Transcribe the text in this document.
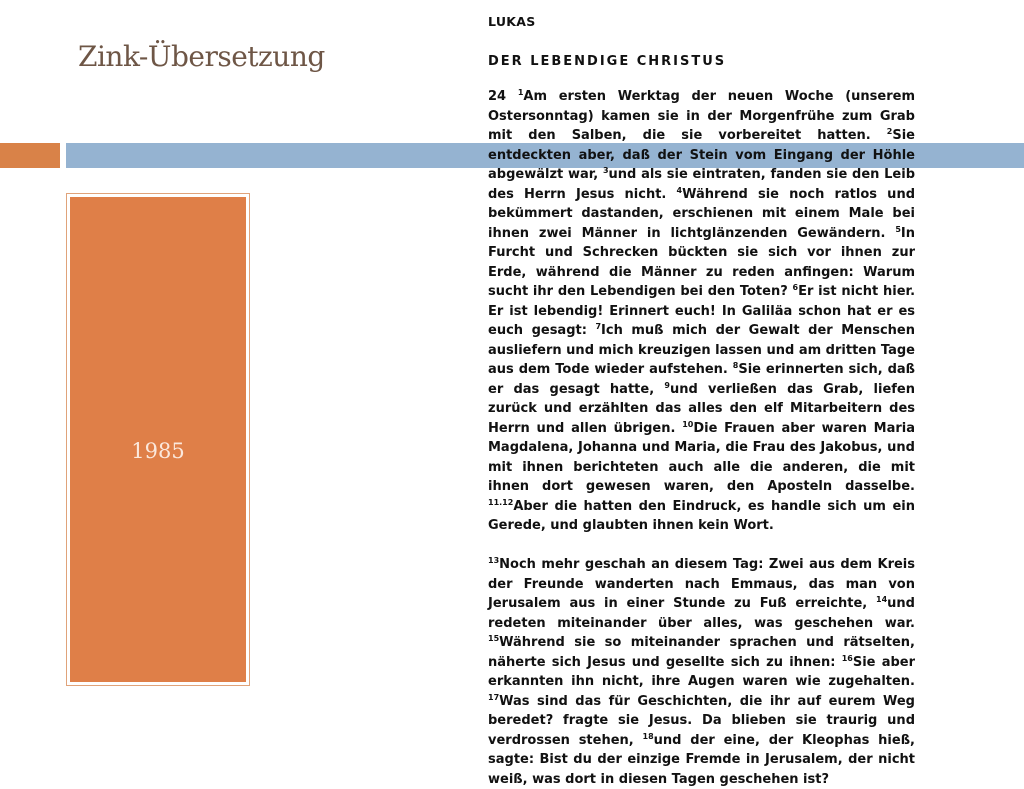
Zink-Übersetzung
1985
LUKAS
DER LEBENDIGE CHRISTUS

24 $^1$Am ersten Werktag der neuen Woche (unserem Ostersonntag) kamen sie in der Morgenfrühe zum Grab mit den Salben, die sie vorbereitet hatten. $^2$Sie entdeckten aber, daß der Stein vom Eingang der Höhle abgewälzt war, $^3$und als sie eintraten, fanden sie den Leib des Herrn Jesus nicht. $^4$Während sie noch ratlos und bekümmert dastanden, erschienen mit einem Male bei ihnen zwei Männer in lichtglänzenden Gewändern. $^5$In Furcht und Schrecken bückten sie sich vor ihnen zur Erde, während die Männer zu reden anfingen: Warum sucht ihr den Lebendigen bei den Toten? $^6$Er ist nicht hier. Er ist lebendig! Erinnert euch! In Galiläa schon hat er es euch gesagt: $^7$Ich muß mich der Gewalt der Menschen ausliefern und mich kreuzigen lassen und am dritten Tage aus dem Tode wieder aufstehen. $^8$Sie erinnerten sich, daß er das gesagt hatte, $^9$und verließen das Grab, liefen zurück und erzählten das alles den elf Mitarbeitern des Herrn und allen übrigen. $^{10}$Die Frauen aber waren Maria Magdalena, Johanna und Maria, die Frau des Jakobus, und mit ihnen berichteten auch alle die anderen, die mit ihnen dort gewesen waren, den Aposteln dasselbe. $^{11.12}$Aber die hatten den Eindruck, es handle sich um ein Gerede, und glaubten ihnen kein Wort.

$^{13}$Noch mehr geschah an diesem Tag: Zwei aus dem Kreis der Freunde wanderten nach Emmaus, das man von Jerusalem aus in einer Stunde zu Fuß erreichte, $^{14}$und redeten miteinander über alles, was geschehen war. $^{15}$Während sie so miteinander sprachen und rätselten, näherte sich Jesus und gesellte sich zu ihnen: $^{16}$Sie aber erkannten ihn nicht, ihre Augen waren wie zugehalten. $^{17}$Was sind das für Geschichten, die ihr auf eurem Weg beredet? fragte sie Jesus. Da blieben sie traurig und verdrossen stehen, $^{18}$und der eine, der Kleophas hieß, sagte: Bist du der einzige Fremde in Jerusalem, der nicht weiß, was dort in diesen Tagen geschehen ist?
